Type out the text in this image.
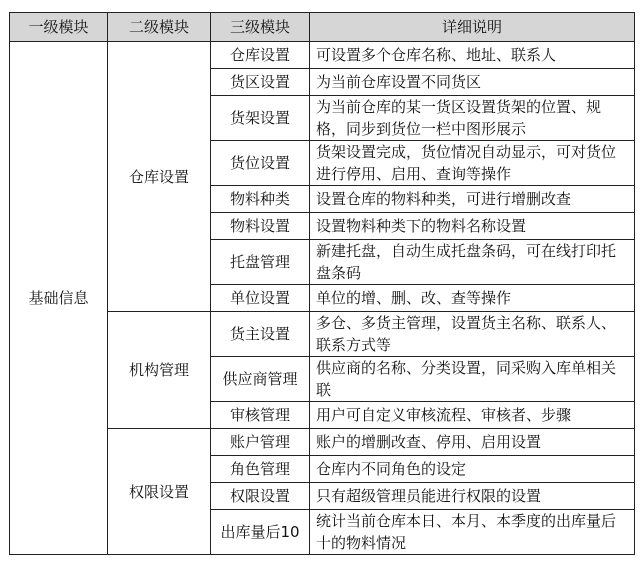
一级模块	二级模块	三级模块	详细说明
基础信息	仓库设置	仓库设置	可设置多个仓库名称、地址、联系人
		货区设置	为当前仓库设置不同货区
		货架设置	为当前仓库的某一货区设置货架的位置、规格，同步到货位一栏中图形展示
		货位设置	货架设置完成，货位情况自动显示，可对货位进行停用、启用、查询等操作
		物料种类	设置仓库的物料种类，可进行增删改查
		物料设置	设置物料种类下的物料名称设置
		托盘管理	新建托盘，自动生成托盘条码，可在线打印托盘条码
		单位设置	单位的增、删、改、查等操作
	机构管理	货主设置	多仓、多货主管理，设置货主名称、联系人、联系方式等
		供应商管理	供应商的名称、分类设置，同采购入库单相关联
		审核管理	用户可自定义审核流程、审核者、步骤
	权限设置	账户管理	账户的增删改查、停用、启用设置
		角色管理	仓库内不同角色的设定
		权限设置	只有超级管理员能进行权限的设置
		出库量后10	统计当前仓库本日、本月、本季度的出库量后十的物料情况
